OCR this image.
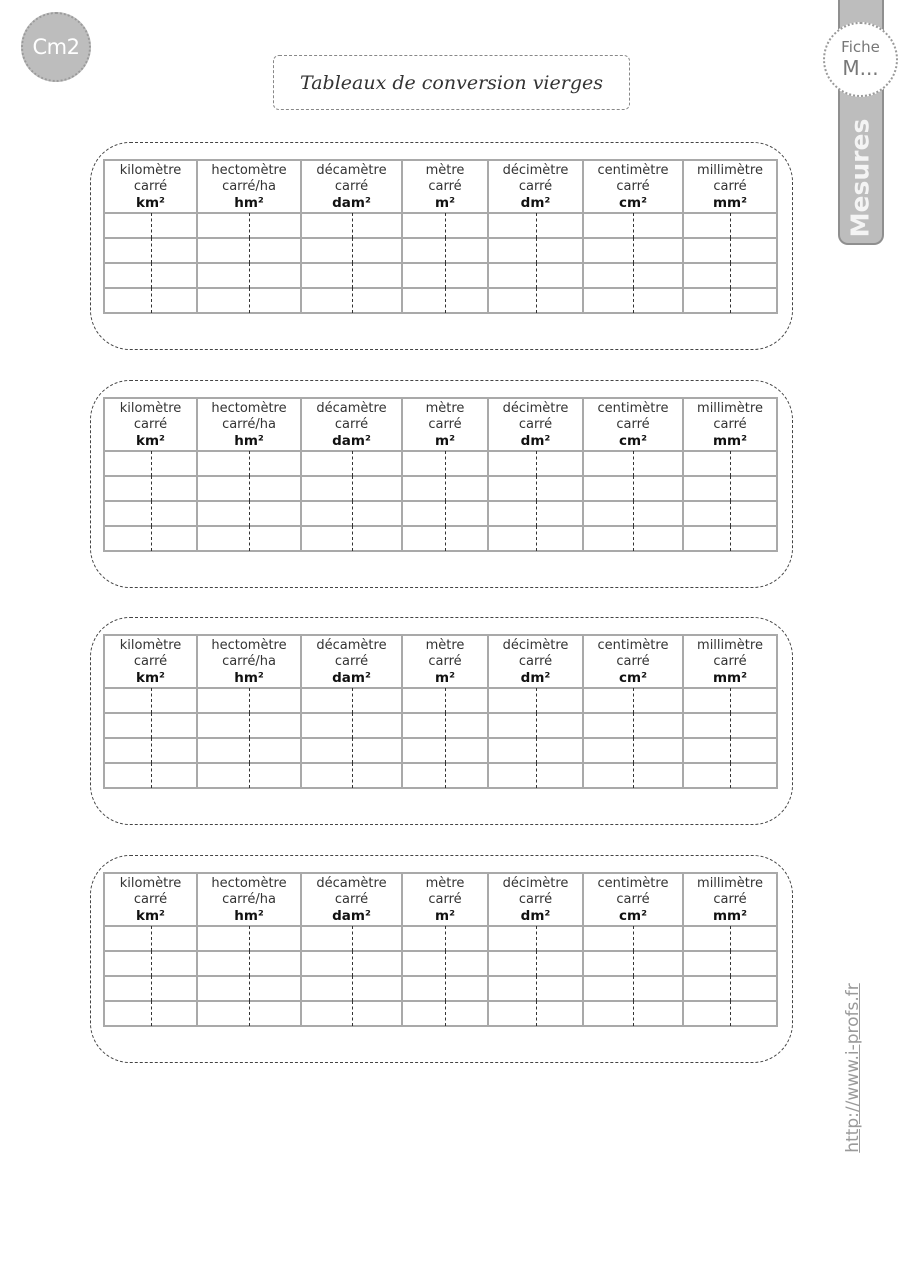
Cm2
Mesures
Fiche
M...
Tableaux de conversion vierges
kilomètre
carré
km²	hectomètre
carré/ha
hm²	décamètre
carré
dam²	mètre
carré
m²	décimètre
carré
dm²	centimètre
carré
cm²	millimètre
carré
mm²

kilomètre
carré
km²	hectomètre
carré/ha
hm²	décamètre
carré
dam²	mètre
carré
m²	décimètre
carré
dm²	centimètre
carré
cm²	millimètre
carré
mm²

kilomètre
carré
km²	hectomètre
carré/ha
hm²	décamètre
carré
dam²	mètre
carré
m²	décimètre
carré
dm²	centimètre
carré
cm²	millimètre
carré
mm²

kilomètre
carré
km²	hectomètre
carré/ha
hm²	décamètre
carré
dam²	mètre
carré
m²	décimètre
carré
dm²	centimètre
carré
cm²	millimètre
carré
mm²

http://www.i-profs.fr
